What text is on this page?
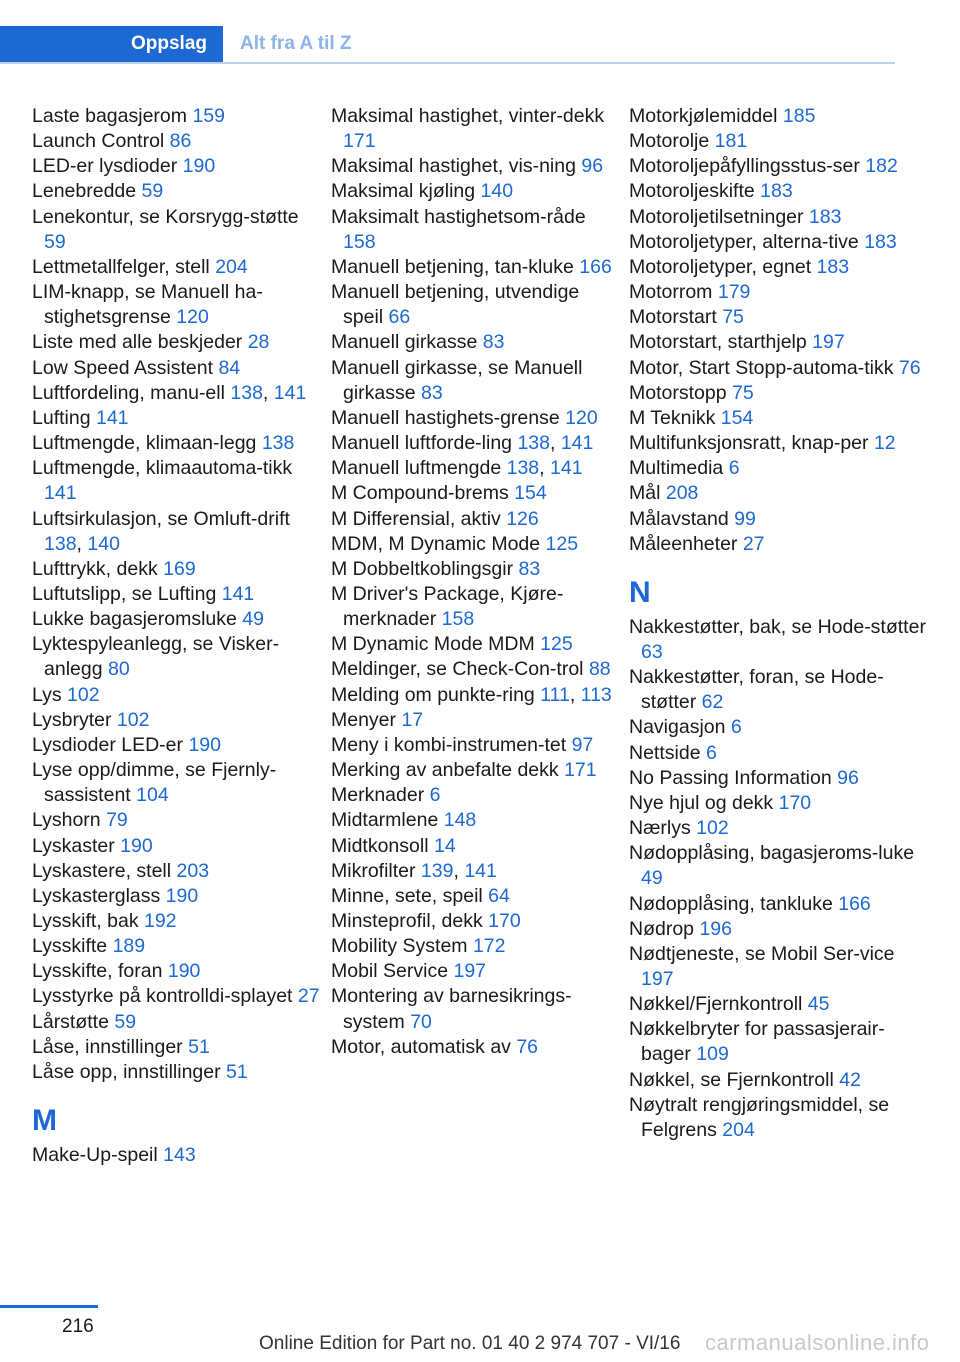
Oppslag	Alt fra A til Z
Laste bagasjerom 159
Launch Control 86
LED-er lysdioder 190
Lenebredde 59
Lenekontur, se Korsrygg‐støtte 59
Lettmetallfelger, stell 204
LIM-knapp, se Manuell ha‐stighetsgrense 120
Liste med alle beskjeder 28
Low Speed Assistent 84
Luftfordeling, manu‐ell 138, 141
Lufting 141
Luftmengde, klimaan‐legg 138
Luftmengde, klimaautoma‐tikk 141
Luftsirkulasjon, se Omluft‐drift 138, 140
Lufttrykk, dekk 169
Luftutslipp, se Lufting 141
Lukke bagasjeromsluke 49
Lyktespyleanlegg, se Visker‐anlegg 80
Lys 102
Lysbryter 102
Lysdioder LED-er 190
Lyse opp/dimme, se Fjernly‐sassistent 104
Lyshorn 79
Lyskaster 190
Lyskastere, stell 203
Lyskasterglass 190
Lysskift, bak 192
Lysskifte 189
Lysskifte, foran 190
Lysstyrke på kontrolldi‐splayet 27
Lårstøtte 59
Låse, innstillinger 51
Låse opp, innstillinger 51
M
Make-Up-speil 143
Maksimal hastighet, vinter‐dekk 171
Maksimal hastighet, vis‐ning 96
Maksimal kjøling 140
Maksimalt hastighetsom‐råde 158
Manuell betjening, tan‐kluke 166
Manuell betjening, utvendige speil 66
Manuell girkasse 83
Manuell girkasse, se Manuell girkasse 83
Manuell hastighets‐grense 120
Manuell luftforde‐ling 138, 141
Manuell luftmengde 138, 141
M Compound-brems 154
M Differensial, aktiv 126
MDM, M Dynamic Mode 125
M Dobbeltkoblingsgir 83
M Driver's Package, Kjøre‐merknader 158
M Dynamic Mode MDM 125
Meldinger, se Check-Con‐trol 88
Melding om punkte‐ring 111, 113
Menyer 17
Meny i kombi-instrumen‐tet 97
Merking av anbefalte dekk 171
Merknader 6
Midtarmlene 148
Midtkonsoll 14
Mikrofilter 139, 141
Minne, sete, speil 64
Minsteprofil, dekk 170
Mobility System 172
Mobil Service 197
Montering av barnesikrings‐system 70
Motor, automatisk av 76
Motorkjølemiddel 185
Motorolje 181
Motoroljepåfyllingsstus‐ser 182
Motoroljeskifte 183
Motoroljetilsetninger 183
Motoroljetyper, alterna‐tive 183
Motoroljetyper, egnet 183
Motorrom 179
Motorstart 75
Motorstart, starthjelp 197
Motor, Start Stopp-automa‐tikk 76
Motorstopp 75
M Teknikk 154
Multifunksjonsratt, knap‐per 12
Multimedia 6
Mål 208
Målavstand 99
Måleenheter 27
N
Nakkestøtter, bak, se Hode‐støtter 63
Nakkestøtter, foran, se Hode‐støtter 62
Navigasjon 6
Nettside 6
No Passing Information 96
Nye hjul og dekk 170
Nærlys 102
Nødopplåsing, bagasjeroms‐luke 49
Nødopplåsing, tankluke 166
Nødrop 196
Nødtjeneste, se Mobil Ser‐vice 197
Nøkkel/Fjernkontroll 45
Nøkkelbryter for passasjerair‐bager 109
Nøkkel, se Fjernkontroll 42
Nøytralt rengjøringsmiddel, se Felgrens 204
216
Online Edition for Part no. 01 40 2 974 707 - VI/16 carmanualsonline.info
